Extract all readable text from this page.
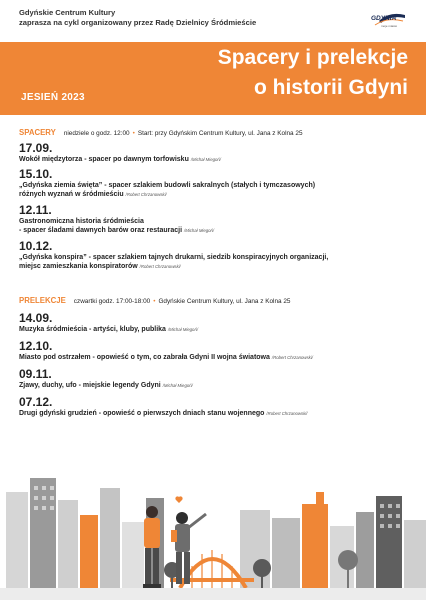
Gdyńskie Centrum Kultury
zaprasza na cykl organizowany przez Radę Dzielnicy Śródmieście	GDYNIA
moje miasto
JESIEŃ 2023
Spacery i prelekcje
o historii Gdyni
SPACERY niedziele o godz. 12:00 • Start: przy Gdyńskim Centrum Kultury, ul. Jana z Kolna 25
17.09.
Wokół międzytorza - spacer po dawnym torfowisku /Michał Miegoń/
15.10.
„Gdyńska ziemia święta” - spacer szlakiem budowli sakralnych (stałych i tymczasowych)
różnych wyznań w śródmieściu /Robert Chrzanowski/
12.11.
Gastronomiczna historia śródmieścia
- spacer śladami dawnych barów oraz restauracji /Michał Miegoń/
10.12.
„Gdyńska konspira” - spacer szlakiem tajnych drukarni, siedzib konspiracyjnych organizacji,
miejsc zamieszkania konspiratorów /Robert Chrzanowski/
PRELEKCJE czwartki godz. 17:00-18:00 • Gdyńskie Centrum Kultury, ul. Jana z Kolna 25
14.09.
Muzyka śródmieścia - artyści, kluby, publika /Michał Miegoń/
12.10.
Miasto pod ostrzałem - opowieść o tym, co zabrała Gdyni II wojna światowa /Robert Chrzanowski/
09.11.
Zjawy, duchy, ufo - miejskie legendy Gdyni /Michał Miegoń/
07.12.
Drugi gdyński grudzień - opowieść o pierwszych dniach stanu wojennego /Robert Chrzanowski/
